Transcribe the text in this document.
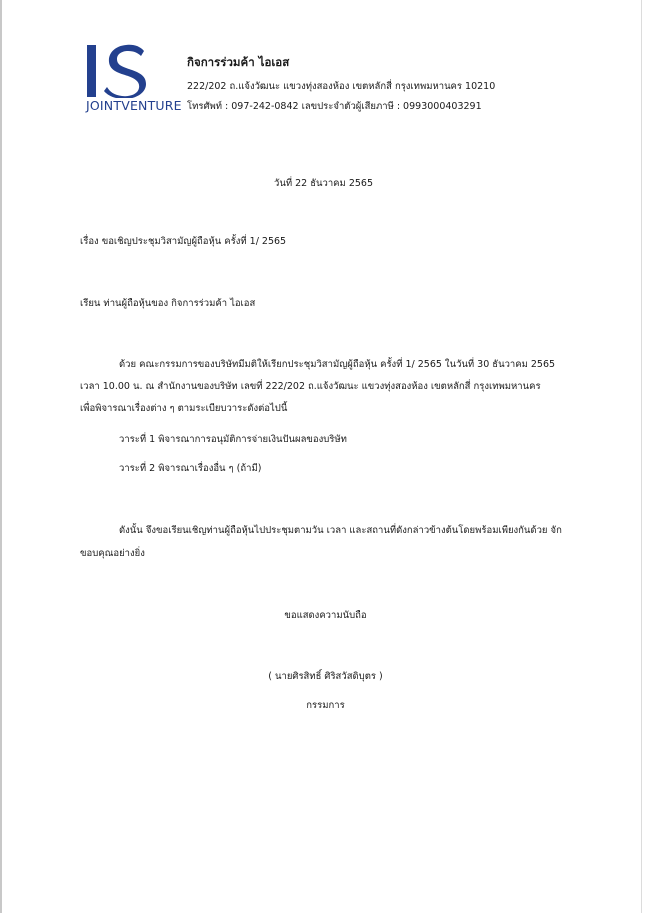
JOINTVENTURE
กิจการร่วมค้า ไอเอส
222/202 ถ.แจ้งวัฒนะ แขวงทุ่งสองห้อง เขตหลักสี่ กรุงเทพมหานคร 10210
โทรศัพท์ : 097-242-0842 เลขประจำตัวผู้เสียภาษี : 0993000403291
วันที่ 22 ธันวาคม 2565
เรื่อง ขอเชิญประชุมวิสามัญผู้ถือหุ้น ครั้งที่ 1/ 2565
เรียน ท่านผู้ถือหุ้นของ กิจการร่วมค้า ไอเอส
ด้วย คณะกรรมการของบริษัทมีมติให้เรียกประชุมวิสามัญผู้ถือหุ้น ครั้งที่ 1/ 2565 ในวันที่ 30 ธันวาคม 2565
เวลา 10.00 น. ณ สำนักงานของบริษัท เลขที่ 222/202 ถ.แจ้งวัฒนะ แขวงทุ่งสองห้อง เขตหลักสี่ กรุงเทพมหานคร
เพื่อพิจารณาเรื่องต่าง ๆ ตามระเบียบวาระดังต่อไปนี้
วาระที่ 1 พิจารณาการอนุมัติการจ่ายเงินปันผลของบริษัท
วาระที่ 2 พิจารณาเรื่องอื่น ๆ (ถ้ามี)
ดังนั้น จึงขอเรียนเชิญท่านผู้ถือหุ้นไปประชุมตามวัน เวลา และสถานที่ดังกล่าวข้างต้นโดยพร้อมเพียงกันด้วย จัก
ขอบคุณอย่างยิ่ง
ขอแสดงความนับถือ
( นายศิรสิทธิ์ ศิริสวัสดิบุตร )
กรรมการ
